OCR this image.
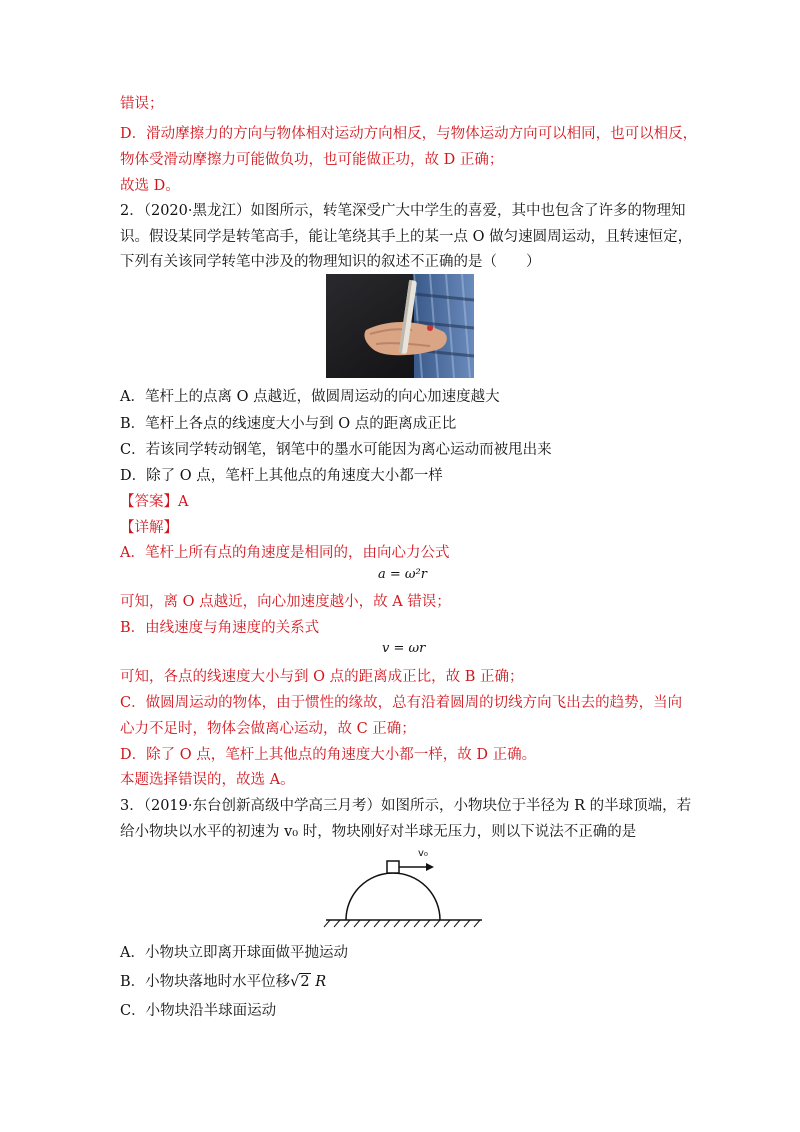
错误；
D．滑动摩擦力的方向与物体相对运动方向相反，与物体运动方向可以相同，也可以相反，
物体受滑动摩擦力可能做负功，也可能做正功，故 D 正确；
故选 D。
2．（2020·黑龙江）如图所示，转笔深受广大中学生的喜爱，其中也包含了许多的物理知
识。假设某同学是转笔高手，能让笔绕其手上的某一点 O 做匀速圆周运动，且转速恒定，
下列有关该同学转笔中涉及的物理知识的叙述不正确的是（　　）
A．笔杆上的点离 O 点越近，做圆周运动的向心加速度越大
B．笔杆上各点的线速度大小与到 O 点的距离成正比
C．若该同学转动钢笔，钢笔中的墨水可能因为离心运动而被甩出来
D．除了 O 点，笔杆上其他点的角速度大小都一样
【答案】A
【详解】
A．笔杆上所有点的角速度是相同的，由向心力公式
a = ω²r
可知，离 O 点越近，向心加速度越小，故 A 错误；
B．由线速度与角速度的关系式
v = ωr
可知，各点的线速度大小与到 O 点的距离成正比，故 B 正确；
C．做圆周运动的物体，由于惯性的缘故，总有沿着圆周的切线方向飞出去的趋势，当向
心力不足时，物体会做离心运动，故 C 正确；
D．除了 O 点，笔杆上其他点的角速度大小都一样，故 D 正确。
本题选择错误的，故选 A。
3．（2019·东台创新高级中学高三月考）如图所示，小物块位于半径为 R 的半球顶端，若
给小物块以水平的初速为 v₀ 时，物块刚好对半球无压力，则以下说法不正确的是
v₀
A．小物块立即离开球面做平抛运动
B．小物块落地时水平位移√2 R
C．小物块沿半球面运动
